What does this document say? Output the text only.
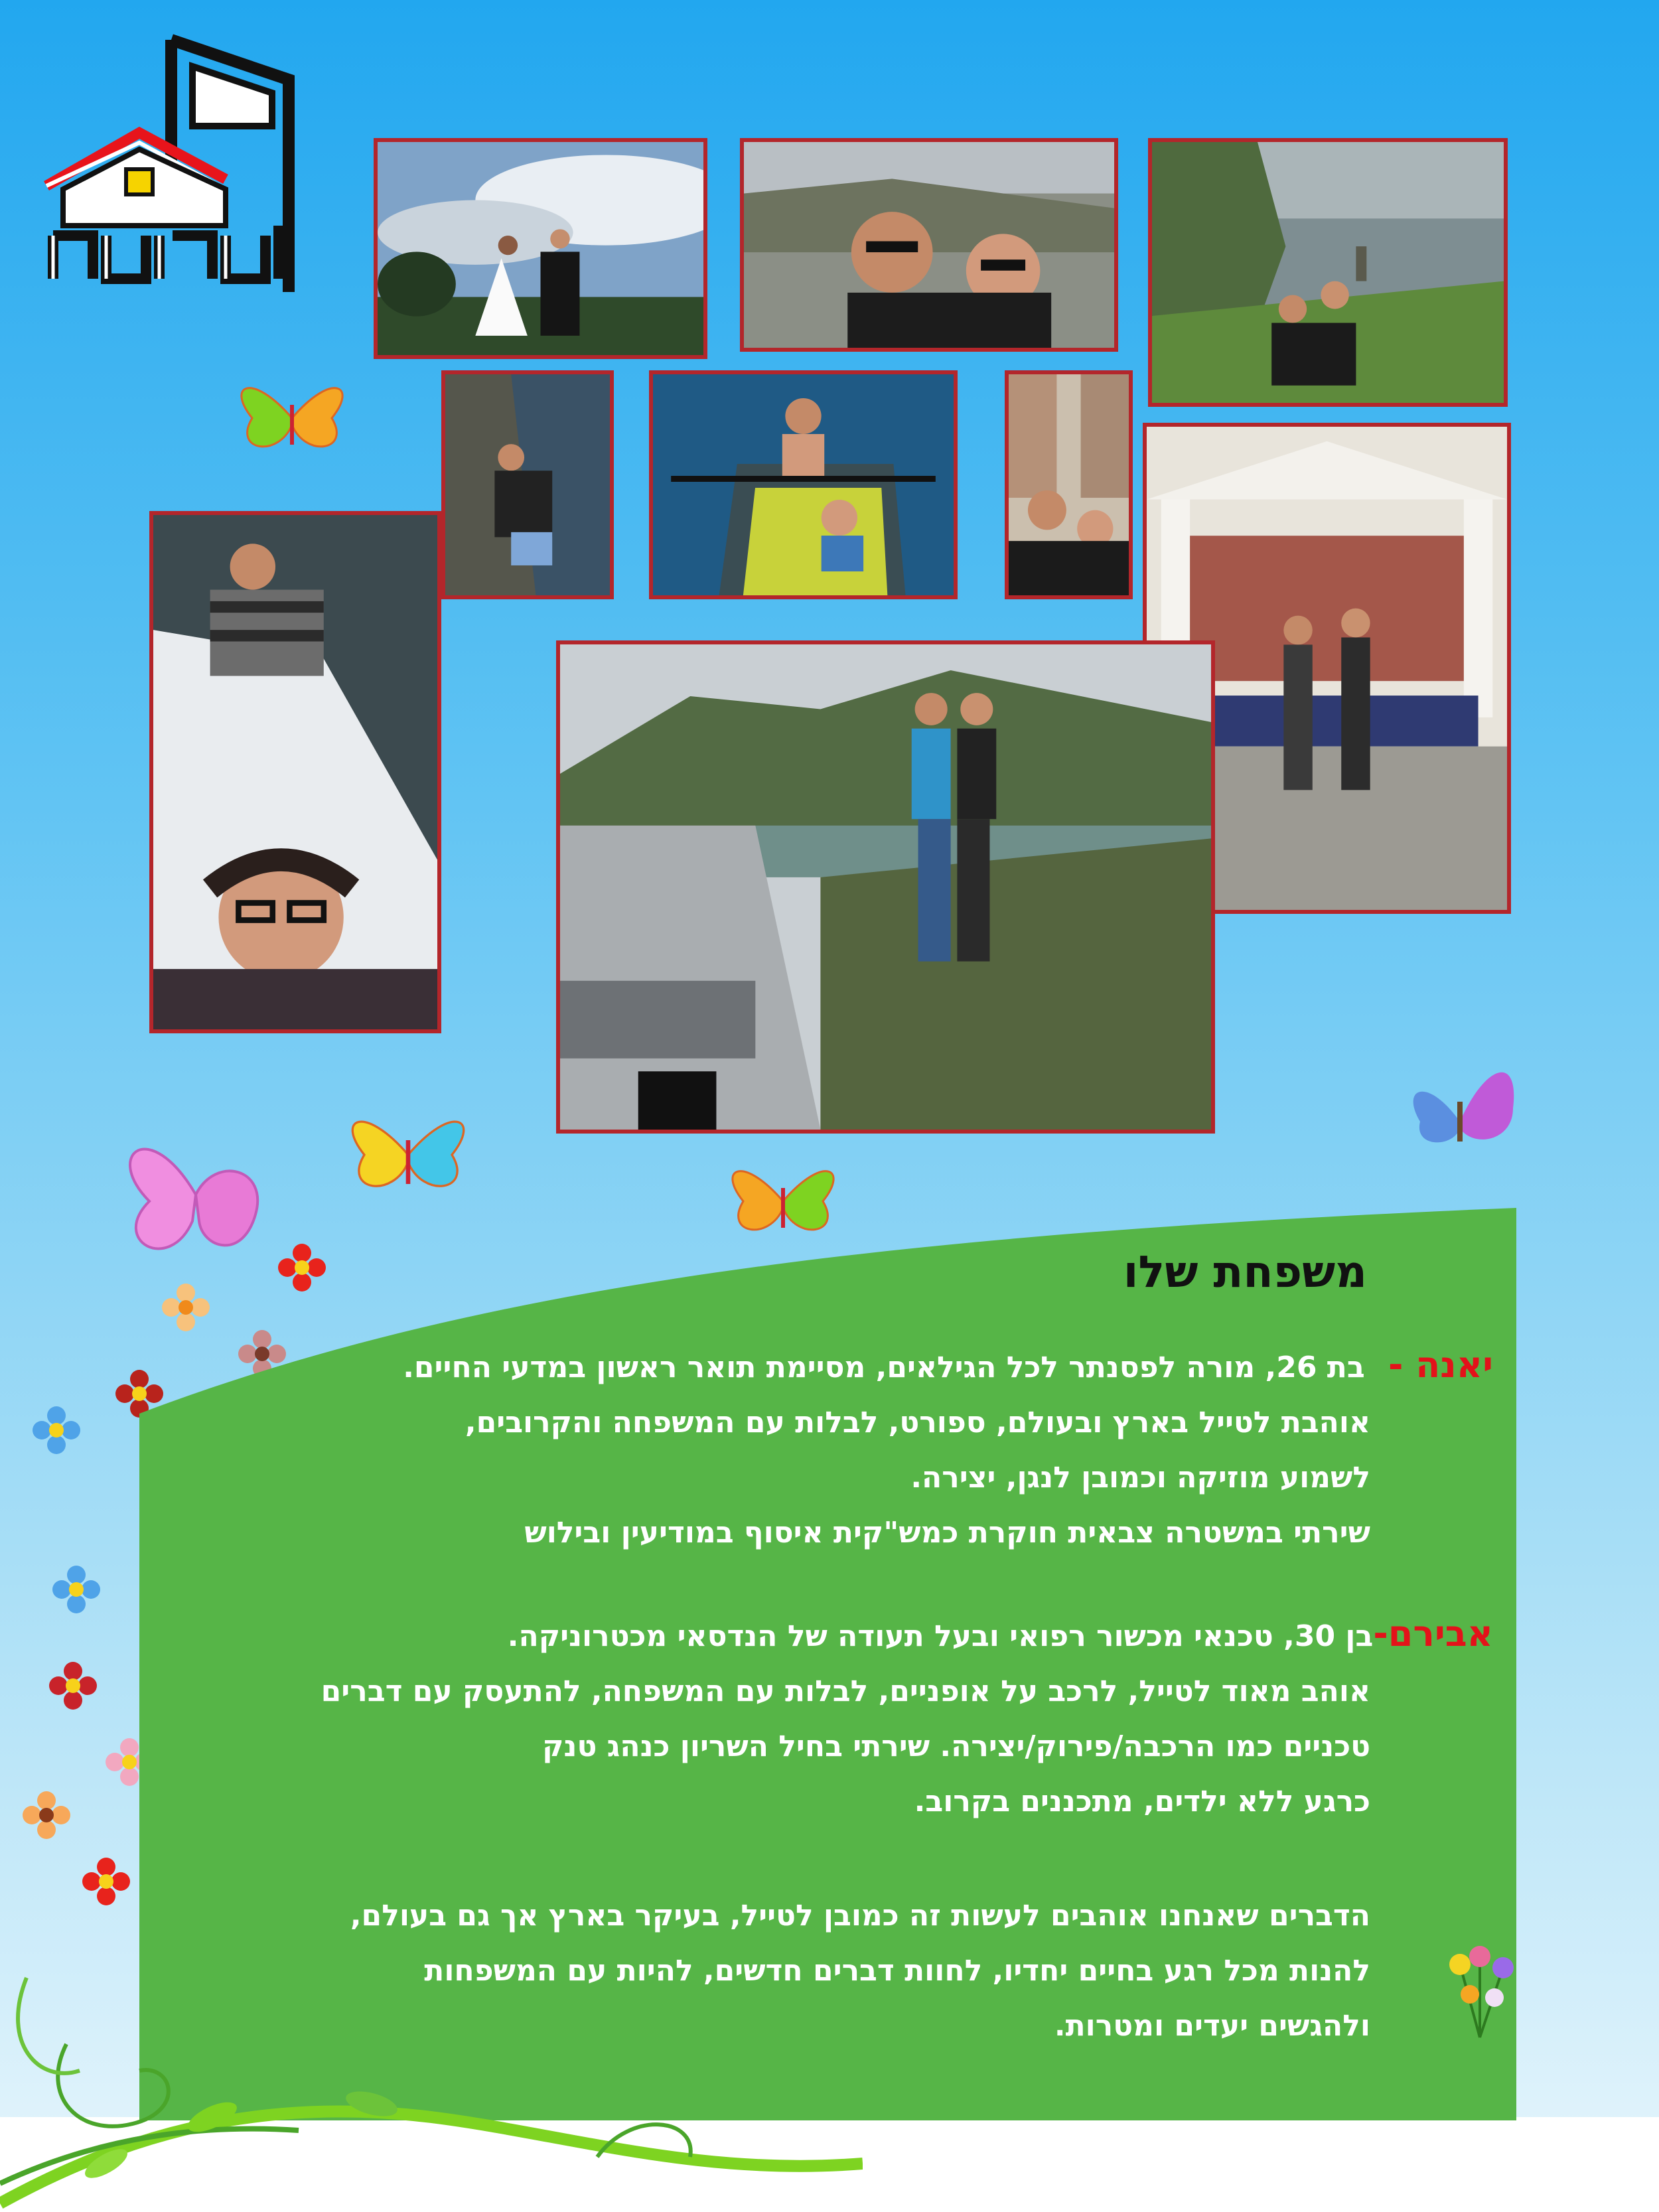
משפחת שלו
יאנה - בת 26, מורה לפסנתר לכל הגילאים, מסיימת תואר ראשון במדעי החיים.
אוהבת לטייל בארץ ובעולם, ספורט, לבלות עם המשפחה והקרובים,
לשמוע מוזיקה וכמובן לנגן, יצירה.
שירתי במשטרה צבאית חוקרת כמש"קית איסוף במודיעין ובילוש
אבירם-בן 30, טכנאי מכשור רפואי ובעל תעודה של הנדסאי מכטרוניקה.
אוהב מאוד לטייל, לרכב על אופניים, לבלות עם המשפחה, להתעסק עם דברים
טכניים כמו הרכבה/פירוק/יצירה. שירתי בחיל השריון כנהג טנק
כרגע ללא ילדים, מתכננים בקרוב.
הדברים שאנחנו אוהבים לעשות זה כמובן לטייל, בעיקר בארץ אך גם בעולם,
להנות מכל רגע בחיים יחדיו, לחוות דברים חדשים, להיות עם המשפחות
ולהגשים יעדים ומטרות.
